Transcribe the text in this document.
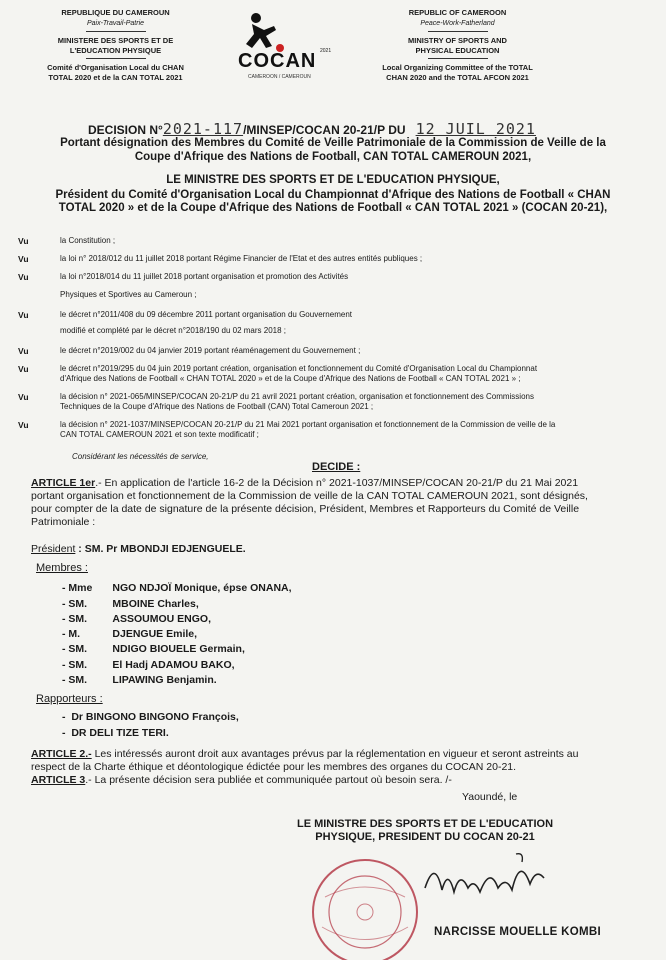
REPUBLIQUE DU CAMEROUN
Paix-Travail-Patrie
MINISTERE DES SPORTS ET DE
L'EDUCATION PHYSIQUE
Comité d'Organisation Local du CHAN
TOTAL 2020 et de la CAN TOTAL 2021
COCAN 2021
CAMEROON / CAMEROUN
REPUBLIC OF CAMEROON
Peace-Work-Fatherland
MINISTRY OF SPORTS AND
PHYSICAL EDUCATION
Local Organizing Committee of the TOTAL
CHAN 2020 and the TOTAL AFCON 2021
DECISION N°2021-117/MINSEP/COCAN 20-21/P DU 12 JUIL 2021
Portant désignation des Membres du Comité de Veille Patrimoniale de la Commission de Veille de la
Coupe d'Afrique des Nations de Football, CAN TOTAL CAMEROUN 2021,
LE MINISTRE DES SPORTS ET DE L'EDUCATION PHYSIQUE,
Président du Comité d'Organisation Local du Championnat d'Afrique des Nations de Football « CHAN
TOTAL 2020 » et de la Coupe d'Afrique des Nations de Football « CAN TOTAL 2021 » (COCAN 20-21),
Vu	la Constitution ;
Vu	la loi n° 2018/012 du 11 juillet 2018 portant Régime Financier de l'Etat et des autres entités publiques ;
Vu	la loi n°2018/014 du 11 juillet 2018 portant organisation et promotion des Activités
Physiques et Sportives au Cameroun ;
Vu	le décret n°2011/408 du 09 décembre 2011 portant organisation du Gouvernement
modifié et complété par le décret n°2018/190 du 02 mars 2018 ;
Vu	le décret n°2019/002 du 04 janvier 2019 portant réaménagement du Gouvernement ;
Vu	le décret n°2019/295 du 04 juin 2019 portant création, organisation et fonctionnement du Comité d'Organisation Local du Championnat
d'Afrique des Nations de Football « CHAN TOTAL 2020 » et de la Coupe d'Afrique des Nations de Football « CAN TOTAL 2021 » ;
Vu	la décision n° 2021-065/MINSEP/COCAN 20-21/P du 21 avril 2021 portant création, organisation et fonctionnement des Commissions
Techniques de la Coupe d'Afrique des Nations de Football (CAN) Total Cameroun 2021 ;
Vu	la décision n° 2021-1037/MINSEP/COCAN 20-21/P du 21 Mai 2021 portant organisation et fonctionnement de la Commission de veille de la
CAN TOTAL CAMEROUN 2021 et son texte modificatif ;
Considérant les nécessités de service,
DECIDE :
ARTICLE 1er.- En application de l'article 16-2 de la Décision n° 2021-1037/MINSEP/COCAN 20-21/P du 21 Mai 2021
portant organisation et fonctionnement de la Commission de veille de la CAN TOTAL CAMEROUN 2021, sont désignés,
pour compter de la date de signature de la présente décision, Président, Membres et Rapporteurs du Comité de Veille
Patrimoniale :
Président : SM. Pr MBONDJI EDJENGUELE.
Membres :
- Mme NGO NDJOÏ Monique, épse ONANA,
- SM. MBOINE Charles,
- SM. ASSOUMOU ENGO,
- M.	DJENGUE Emile,
- SM. NDIGO BIOUELE Germain,
- SM. El Hadj ADAMOU BAKO,
- SM. LIPAWING Benjamin.
Rapporteurs :
-  Dr BINGONO BINGONO François,
-  DR DELI TIZE TERI.
ARTICLE 2.- Les intéressés auront droit aux avantages prévus par la réglementation en vigueur et seront astreints au
respect de la Charte éthique et déontologique édictée pour les membres des organes du COCAN 20-21.
ARTICLE 3.- La présente décision sera publiée et communiquée partout où besoin sera. /-
Yaoundé, le
LE MINISTRE DES SPORTS ET DE L'EDUCATION
PHYSIQUE, PRESIDENT DU COCAN 20-21
NARCISSE MOUELLE KOMBI
